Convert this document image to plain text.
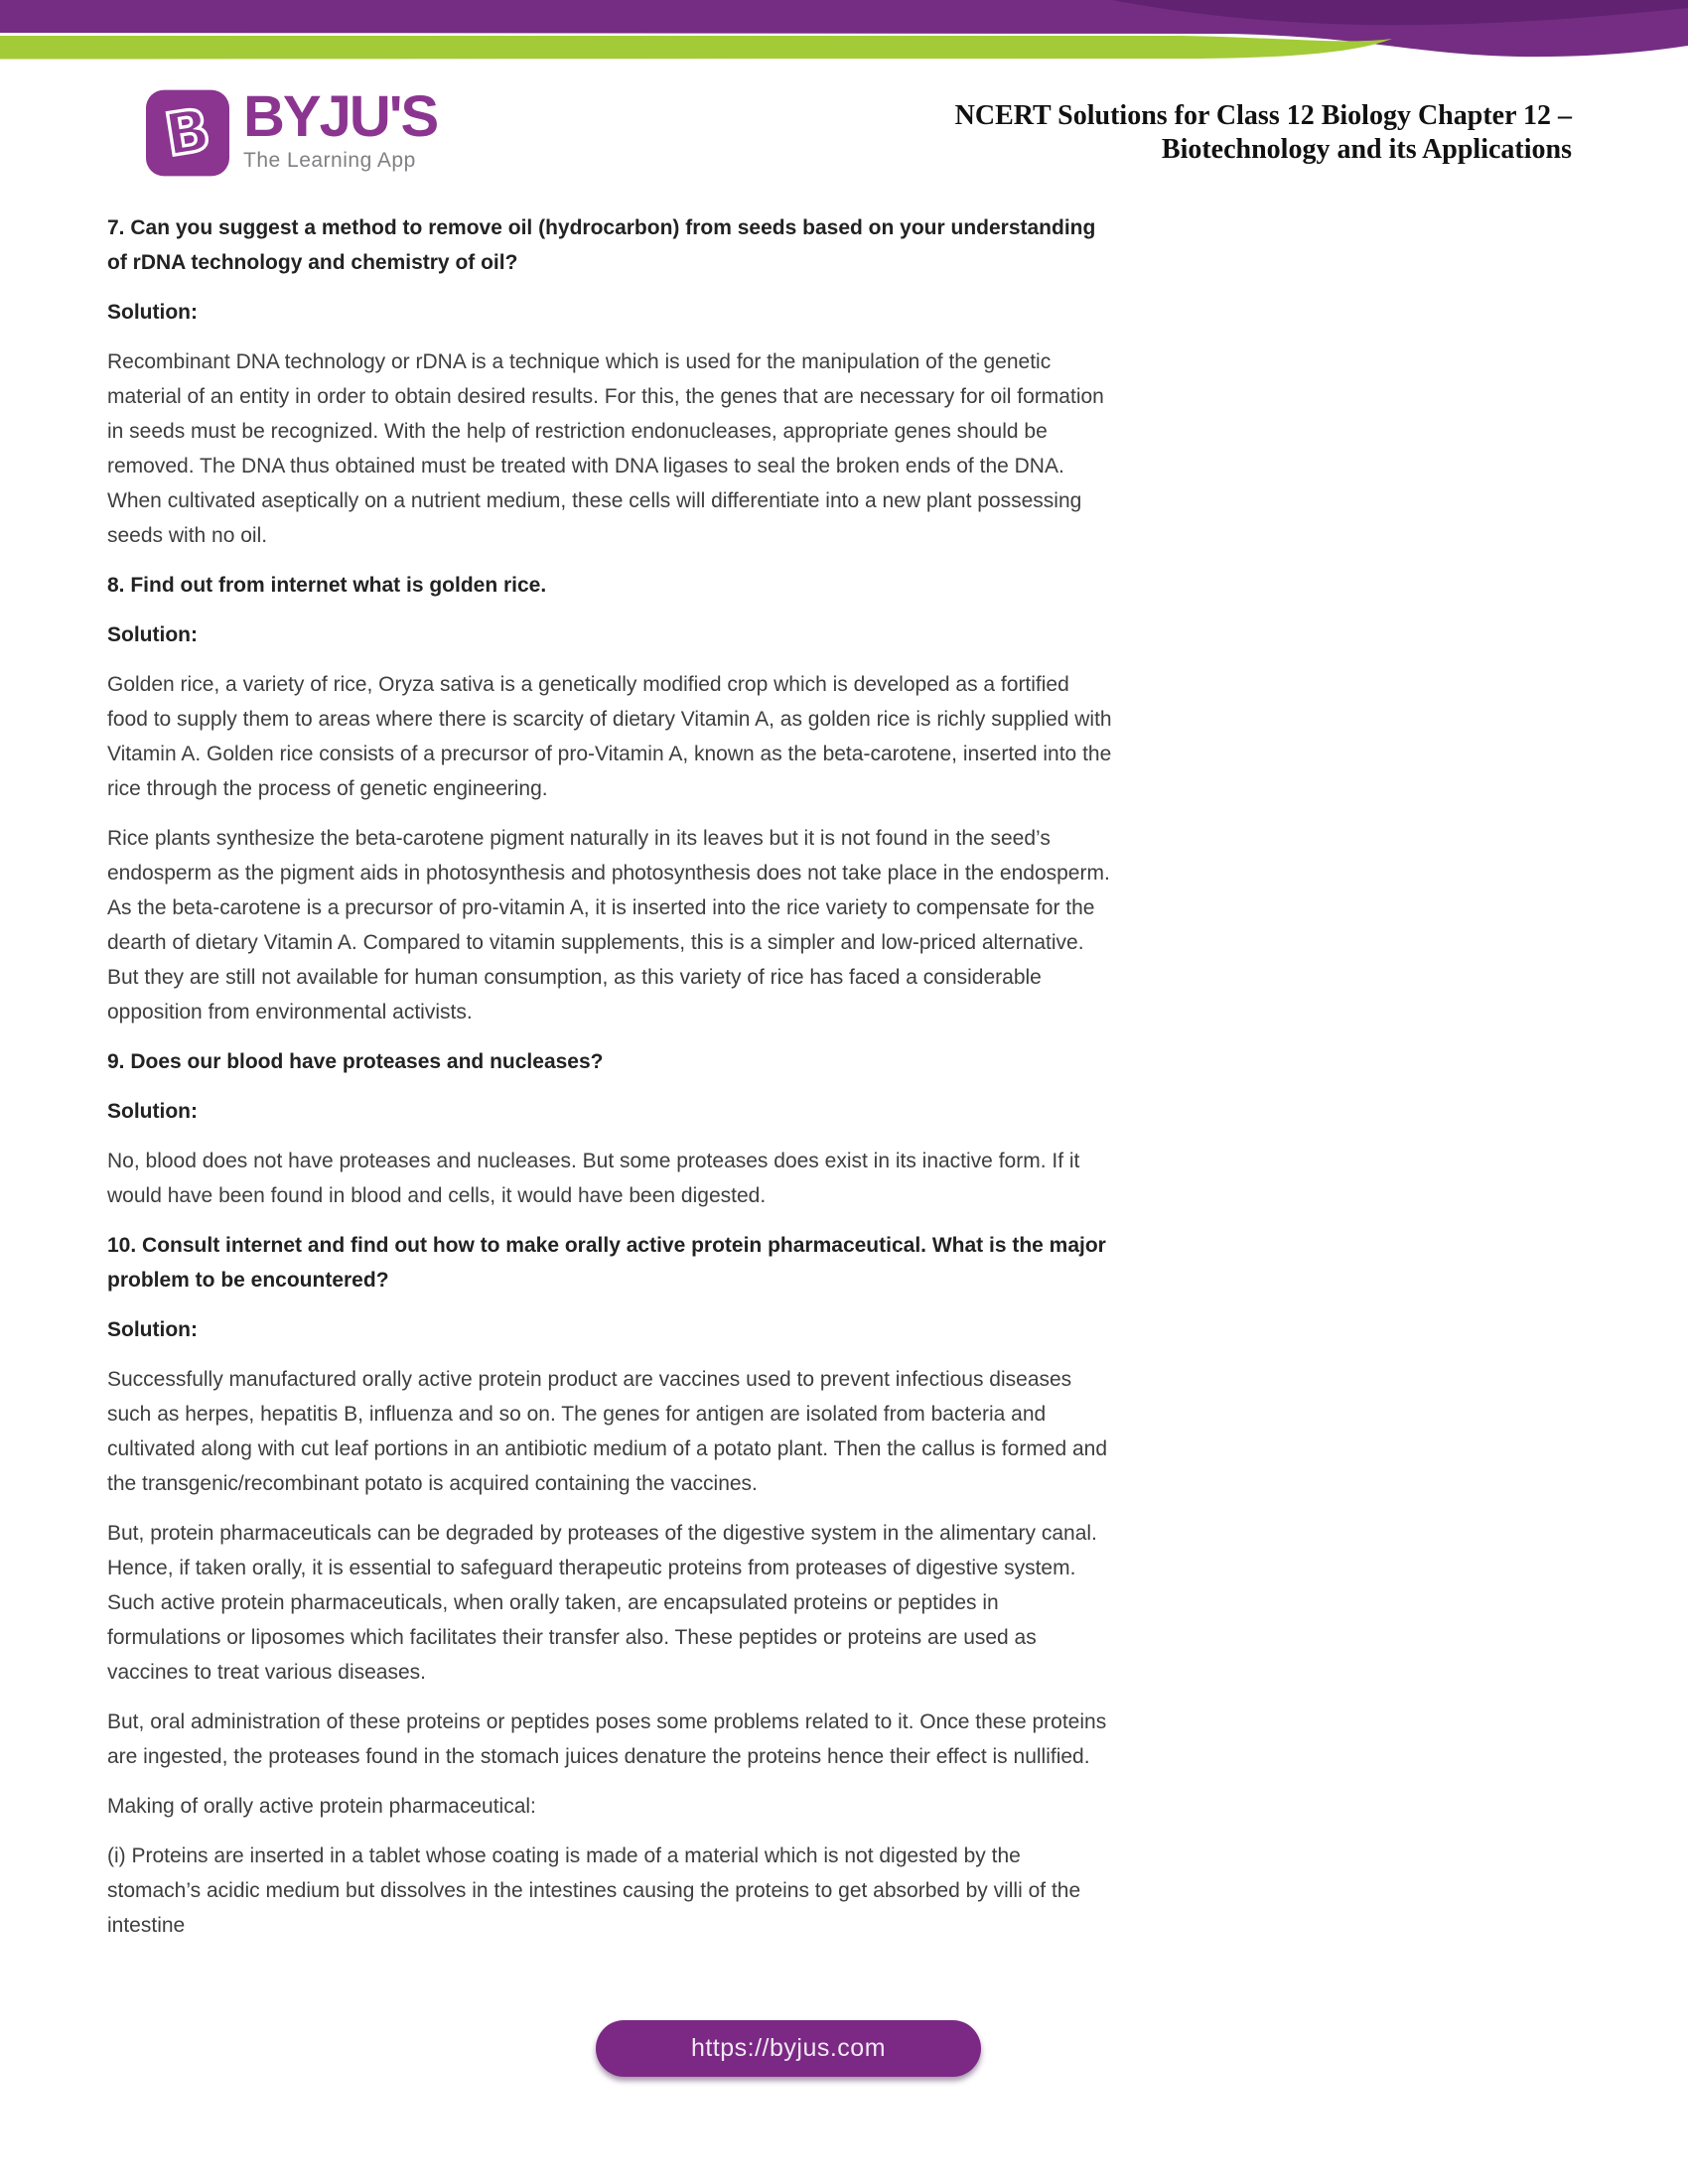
B BYJU'S
The Learning App
NCERT Solutions for Class 12 Biology Chapter 12 –
Biotechnology and its Applications

7. Can you suggest a method to remove oil (hydrocarbon) from seeds based on your understanding of rDNA technology and chemistry of oil?

Solution:

Recombinant DNA technology or rDNA is a technique which is used for the manipulation of the genetic material of an entity in order to obtain desired results. For this, the genes that are necessary for oil formation in seeds must be recognized. With the help of restriction endonucleases, appropriate genes should be removed. The DNA thus obtained must be treated with DNA ligases to seal the broken ends of the DNA. When cultivated aseptically on a nutrient medium, these cells will differentiate into a new plant possessing seeds with no oil.

8. Find out from internet what is golden rice.

Solution:

Golden rice, a variety of rice, Oryza sativa is a genetically modified crop which is developed as a fortified food to supply them to areas where there is scarcity of dietary Vitamin A, as golden rice is richly supplied with Vitamin A. Golden rice consists of a precursor of pro-Vitamin A, known as the beta-carotene, inserted into the rice through the process of genetic engineering.

Rice plants synthesize the beta-carotene pigment naturally in its leaves but it is not found in the seed’s endosperm as the pigment aids in photosynthesis and photosynthesis does not take place in the endosperm. As the beta-carotene is a precursor of pro-vitamin A, it is inserted into the rice variety to compensate for the dearth of dietary Vitamin A. Compared to vitamin supplements, this is a simpler and low-priced alternative. But they are still not available for human consumption, as this variety of rice has faced a considerable opposition from environmental activists.

9. Does our blood have proteases and nucleases?

Solution:

No, blood does not have proteases and nucleases. But some proteases does exist in its inactive form. If it would have been found in blood and cells, it would have been digested.

10. Consult internet and find out how to make orally active protein pharmaceutical. What is the major problem to be encountered?

Solution:

Successfully manufactured orally active protein product are vaccines used to prevent infectious diseases such as herpes, hepatitis B, influenza and so on. The genes for antigen are isolated from bacteria and cultivated along with cut leaf portions in an antibiotic medium of a potato plant. Then the callus is formed and the transgenic/recombinant potato is acquired containing the vaccines.

But, protein pharmaceuticals can be degraded by proteases of the digestive system in the alimentary canal. Hence, if taken orally, it is essential to safeguard therapeutic proteins from proteases of digestive system. Such active protein pharmaceuticals, when orally taken, are encapsulated proteins or peptides in formulations or liposomes which facilitates their transfer also. These peptides or proteins are used as vaccines to treat various diseases.

But, oral administration of these proteins or peptides poses some problems related to it. Once these proteins are ingested, the proteases found in the stomach juices denature the proteins hence their effect is nullified.

Making of orally active protein pharmaceutical:

(i) Proteins are inserted in a tablet whose coating is made of a material which is not digested by the stomach’s acidic medium but dissolves in the intestines causing the proteins to get absorbed by villi of the intestine

https://byjus.com
